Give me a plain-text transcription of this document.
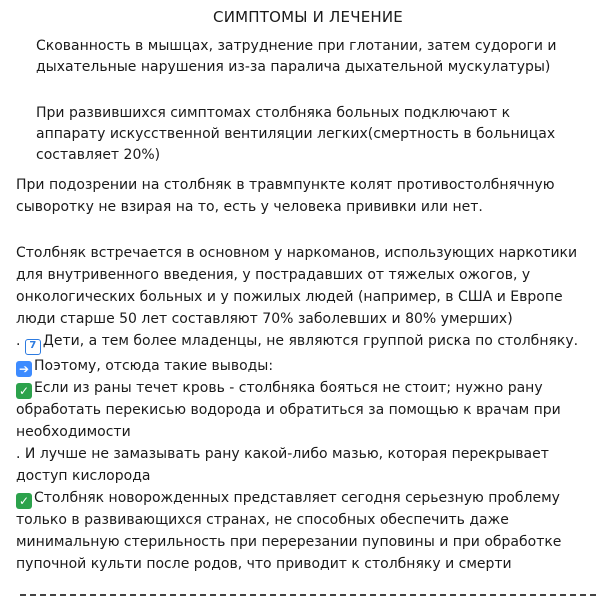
СИМПТОМЫ И ЛЕЧЕНИЕ
Скованность в мышцах, затруднение при глотании, затем судороги и
дыхательные нарушения из-за паралича дыхательной мускулатуры)
При развившихся симптомах столбняка больных подключают к
аппарату искусственной вентиляции легких(смертность в больницах
составляет 20%)
При подозрении на столбняк в травмпункте колят противостолбнячную
сыворотку не взирая на то, есть у человека прививки или нет.
Столбняк встречается в основном у наркоманов, использующих наркотики
для внутривенного введения, у пострадавших от тяжелых ожогов, у
онкологических больных и у пожилых людей (например, в США и Европе
люди старше 50 лет составляют 70% заболевших и 80% умерших)
. 7 Дети, а тем более младенцы, не являются группой риска по столбняку.
➔ Поэтому, отсюда такие выводы:
✓ Если из раны течет кровь - столбняка бояться не стоит; нужно рану
обработать перекисью водорода и обратиться за помощью к врачам при
необходимости
. И лучше не замазывать рану какой-либо мазью, которая перекрывает
доступ кислорода
✓ Столбняк новорожденных представляет сегодня серьезную проблему
только в развивающихся странах, не способных обеспечить даже
минимальную стерильность при перерезании пуповины и при обработке
пупочной культи после родов, что приводит к столбняку и смерти
